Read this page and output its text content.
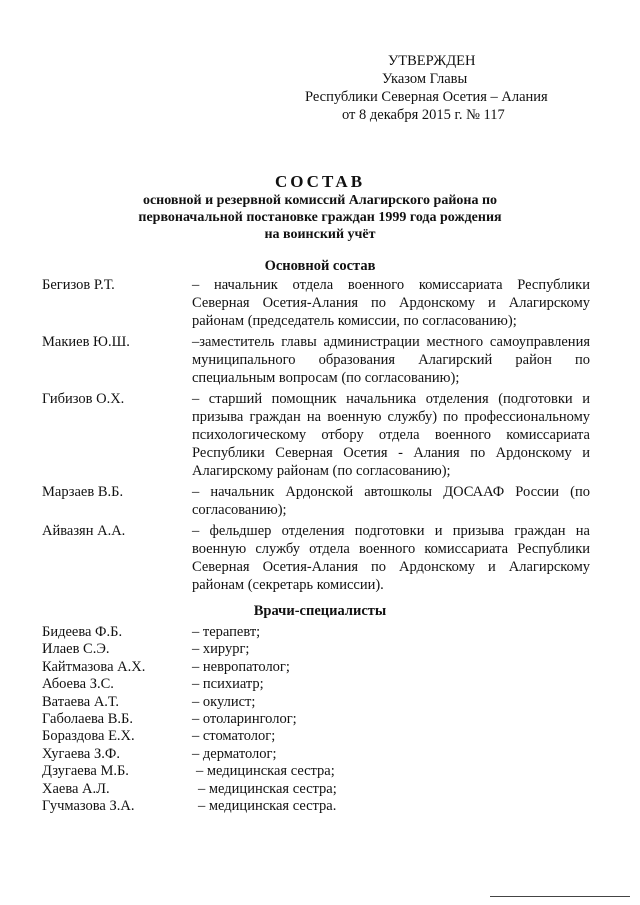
УТВЕРЖДЕН
Указом Главы
Республики Северная Осетия – Алания
от 8 декабря 2015 г. № 117
СОСТАВ
основной и резервной комиссий Алагирского района по
первоначальной постановке граждан 1999 года рождения
на воинский учёт
Основной состав
Бегизов Р.Т.	– начальник отдела военного комиссариата Республики Северная Осетия-Алания по Ардонскому и Алагирскому районам (председатель комиссии, по согласованию);
Макиев Ю.Ш.	–заместитель главы администрации местного самоуправления муниципального образования Алагирский район по специальным вопросам (по согласованию);
Гибизов О.Х.	– старший помощник начальника отделения (подготовки и призыва граждан на военную службу) по профессиональному психологическому отбору отдела военного комиссариата Республики Северная Осетия - Алания по Ардонскому и Алагирскому районам (по согласованию);
Марзаев В.Б.	– начальник Ардонской автошколы ДОСААФ России (по согласованию);
Айвазян А.А.	– фельдшер отделения подготовки и призыва граждан на военную службу отдела военного комиссариата Республики Северная Осетия-Алания по Ардонскому и Алагирскому районам (секретарь комиссии).
Врачи-специалисты
Бидеева Ф.Б.	– терапевт;
Илаев С.Э.	– хирург;
Кайтмазова А.Х.	– невропатолог;
Абоева З.С.	– психиатр;
Ватаева А.Т.	– окулист;
Габолаева В.Б.	– отоларинголог;
Бораздова Е.Х.	– стоматолог;
Хугаева З.Ф.	– дерматолог;
Дзугаева М.Б.	– медицинская сестра;
Хаева А.Л.	– медицинская сестра;
Гучмазова З.А.	– медицинская сестра.
